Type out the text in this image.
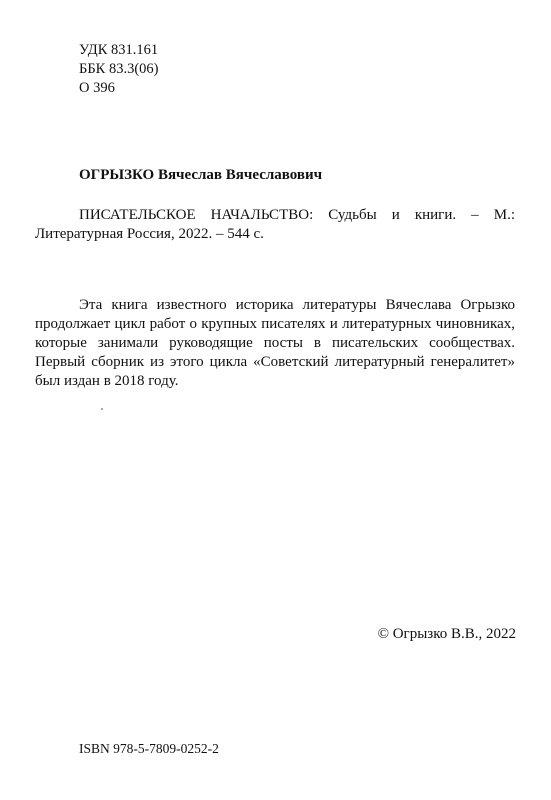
УДК 831.161
ББК 83.3(06)
О 396
ОГРЫЗКО Вячеслав Вячеславович
ПИСАТЕЛЬСКОЕ НАЧАЛЬСТВО: Судьбы и книги. – М.:
Литературная Россия, 2022. – 544 с.
Эта книга известного историка литературы Вячеслава Огрызко
продолжает цикл работ о крупных писателях и литературных чиновниках,
которые занимали руководящие посты в писательских сообществах.
Первый сборник из этого цикла «Советский литературный генералитет»
был издан в 2018 году.
© Огрызко В.В., 2022
ISBN 978-5-7809-0252-2
